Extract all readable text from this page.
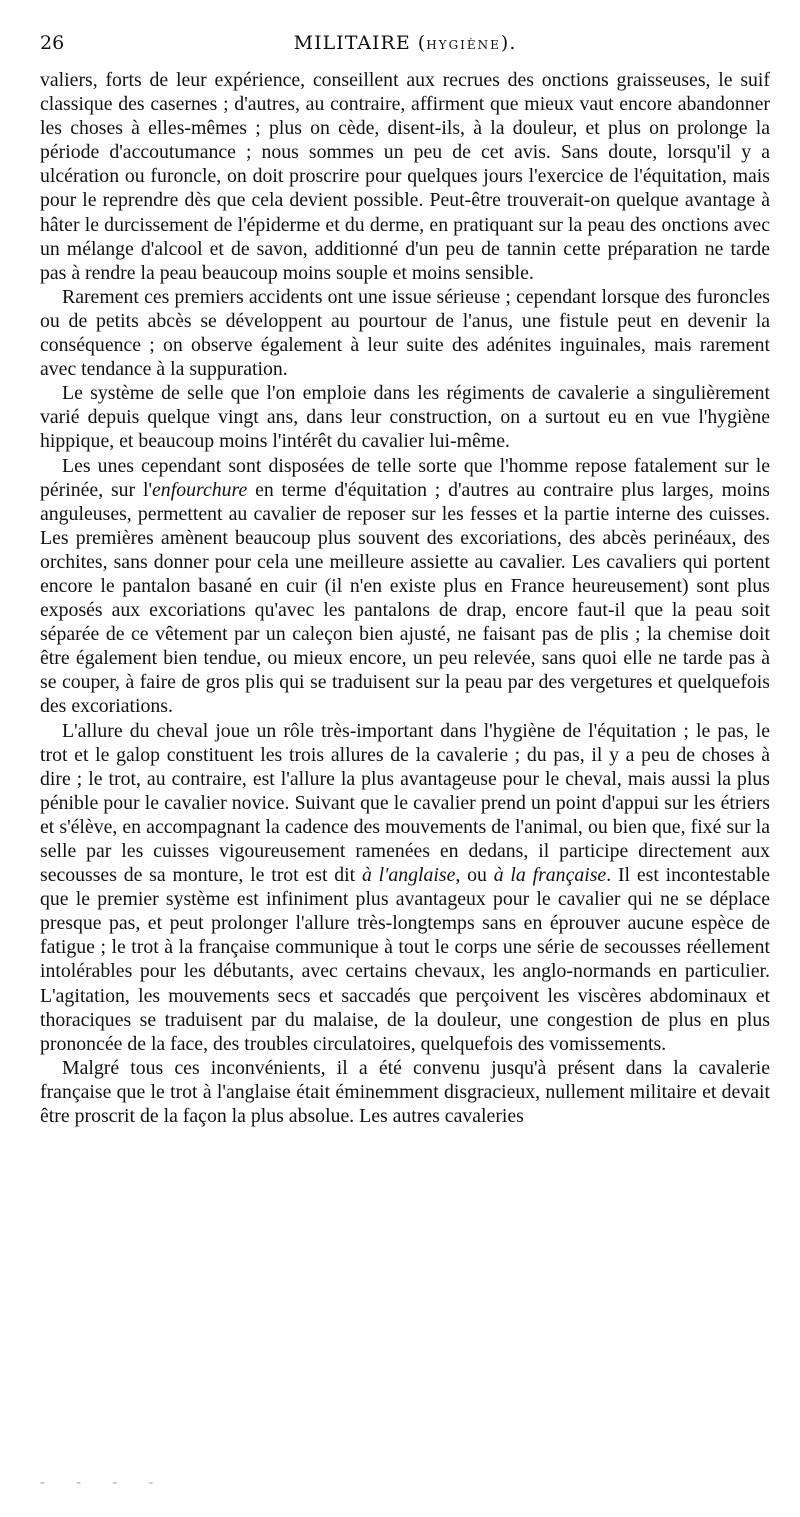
26	MILITAIRE (HYGIÈNE).

valiers, forts de leur expérience, conseillent aux recrues des onctions graisseuses, le suif classique des casernes ; d'autres, au contraire, affirment que mieux vaut encore abandonner les choses à elles-mêmes ; plus on cède, disent-ils, à la douleur, et plus on prolonge la période d'accoutumance ; nous sommes un peu de cet avis. Sans doute, lorsqu'il y a ulcération ou furoncle, on doit proscrire pour quelques jours l'exercice de l'équitation, mais pour le reprendre dès que cela devient possible. Peut-être trouverait-on quelque avantage à hâter le durcissement de l'épiderme et du derme, en pratiquant sur la peau des onctions avec un mélange d'alcool et de savon, additionné d'un peu de tannin cette préparation ne tarde pas à rendre la peau beaucoup moins souple et moins sensible.

Rarement ces premiers accidents ont une issue sérieuse ; cependant lorsque des furoncles ou de petits abcès se développent au pourtour de l'anus, une fistule peut en devenir la conséquence ; on observe également à leur suite des adénites inguinales, mais rarement avec tendance à la suppuration.

Le système de selle que l'on emploie dans les régiments de cavalerie a singulièrement varié depuis quelque vingt ans, dans leur construction, on a surtout eu en vue l'hygiène hippique, et beaucoup moins l'intérêt du cavalier lui-même.

Les unes cependant sont disposées de telle sorte que l'homme repose fatalement sur le périnée, sur l'enfourchure en terme d'équitation ; d'autres au contraire plus larges, moins anguleuses, permettent au cavalier de reposer sur les fesses et la partie interne des cuisses. Les premières amènent beaucoup plus souvent des excoriations, des abcès perinéaux, des orchites, sans donner pour cela une meilleure assiette au cavalier. Les cavaliers qui portent encore le pantalon basané en cuir (il n'en existe plus en France heureusement) sont plus exposés aux excoriations qu'avec les pantalons de drap, encore faut-il que la peau soit séparée de ce vêtement par un caleçon bien ajusté, ne faisant pas de plis ; la chemise doit être également bien tendue, ou mieux encore, un peu relevée, sans quoi elle ne tarde pas à se couper, à faire de gros plis qui se traduisent sur la peau par des vergetures et quelquefois des excoriations.

L'allure du cheval joue un rôle très-important dans l'hygiène de l'équitation ; le pas, le trot et le galop constituent les trois allures de la cavalerie ; du pas, il y a peu de choses à dire ; le trot, au contraire, est l'allure la plus avantageuse pour le cheval, mais aussi la plus pénible pour le cavalier novice. Suivant que le cavalier prend un point d'appui sur les étriers et s'élève, en accompagnant la cadence des mouvements de l'animal, ou bien que, fixé sur la selle par les cuisses vigoureusement ramenées en dedans, il participe directement aux secousses de sa monture, le trot est dit à l'anglaise, ou à la française. Il est incontestable que le premier système est infiniment plus avantageux pour le cavalier qui ne se déplace presque pas, et peut prolonger l'allure très-longtemps sans en éprouver aucune espèce de fatigue ; le trot à la française communique à tout le corps une série de secousses réellement intolérables pour les débutants, avec certains chevaux, les anglo-normands en particulier. L'agitation, les mouvements secs et saccadés que perçoivent les viscères abdominaux et thoraciques se traduisent par du malaise, de la douleur, une congestion de plus en plus prononcée de la face, des troubles circulatoires, quelquefois des vomissements.

Malgré tous ces inconvénients, il a été convenu jusqu'à présent dans la cavalerie française que le trot à l'anglaise était éminemment disgracieux, nullement militaire et devait être proscrit de la façon la plus absolue. Les autres cavaleries

- - - -
